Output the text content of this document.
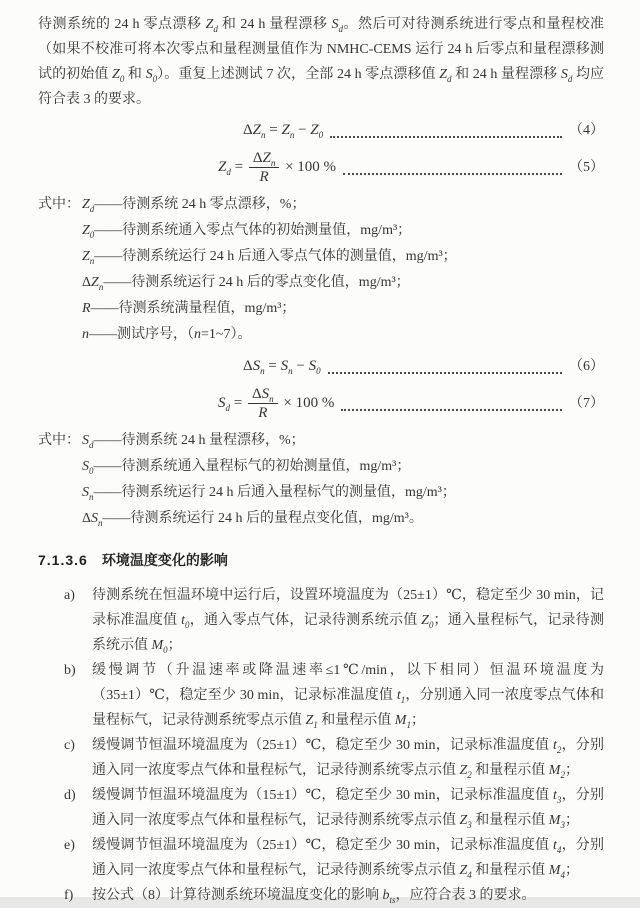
待测系统的 24 h 零点漂移 $Z_d$ 和 24 h 量程漂移 $S_d$。然后可对待测系统进行零点和量程校准（如果不校准可将本次零点和量程测量值作为 NMHC-CEMS 运行 24 h 后零点和量程漂移测试的初始值 $Z_0$ 和 $S_0$）。重复上述测试 7 次，全部 24 h 零点漂移值 $Z_d$ 和 24 h 量程漂移 $S_d$ 均应符合表 3 的要求。
$\Delta Z_n = Z_n - Z_0$	（4）
$Z_d = \frac{\Delta Z_n}{R} \times 100$ %	（5）
式中： $Z_d——$待测系统 24 h 零点漂移，%；
$Z_0——$待测系统通入零点气体的初始测量值，mg/m³；
$Z_n——$待测系统运行 24 h 后通入零点气体的测量值，mg/m³；
$\Delta Z_n——$待测系统运行 24 h 后的零点变化值，mg/m³；
R——待测系统满量程值，mg/m³；
n——测试序号，（n=1~7）。
$\Delta S_n = S_n - S_0$	（6）
$S_d = \frac{\Delta S_n}{R} \times 100$ %	（7）
式中： $S_d——$待测系统 24 h 量程漂移，%；
$S_0——$待测系统通入量程标气的初始测量值，mg/m³；
$S_n——$待测系统运行 24 h 后通入量程标气的测量值，mg/m³；
$\Delta S_n——$待测系统运行 24 h 后的量程点变化值，mg/m³。
7.1.3.6 环境温度变化的影响
a)	待测系统在恒温环境中运行后，设置环境温度为（25±1）℃，稳定至少 30 min，记录标准温度值 $t_0$，通入零点气体，记录待测系统示值 $Z_0$；通入量程标气，记录待测系统示值 $M_0$；
b)	缓慢调节（升温速率或降温速率≤1℃/min，以下相同）恒温环境温度为（35±1）℃，稳定至少 30 min，记录标准温度值 $t_1$，分别通入同一浓度零点气体和量程标气，记录待测系统零点示值 $Z_1$ 和量程示值 $M_1$；
c)	缓慢调节恒温环境温度为（25±1）℃，稳定至少 30 min，记录标准温度值 $t_2$，分别通入同一浓度零点气体和量程标气，记录待测系统零点示值 $Z_2$ 和量程示值 $M_2$；
d)	缓慢调节恒温环境温度为（15±1）℃，稳定至少 30 min，记录标准温度值 $t_3$，分别通入同一浓度零点气体和量程标气，记录待测系统零点示值 $Z_3$ 和量程示值 $M_3$；
e)	缓慢调节恒温环境温度为（25±1）℃，稳定至少 30 min，记录标准温度值 $t_4$，分别通入同一浓度零点气体和量程标气，记录待测系统零点示值 $Z_4$ 和量程示值 $M_4$；
f)	按公式（8）计算待测系统环境温度变化的影响 $b_{ts}$，应符合表 3 的要求。
